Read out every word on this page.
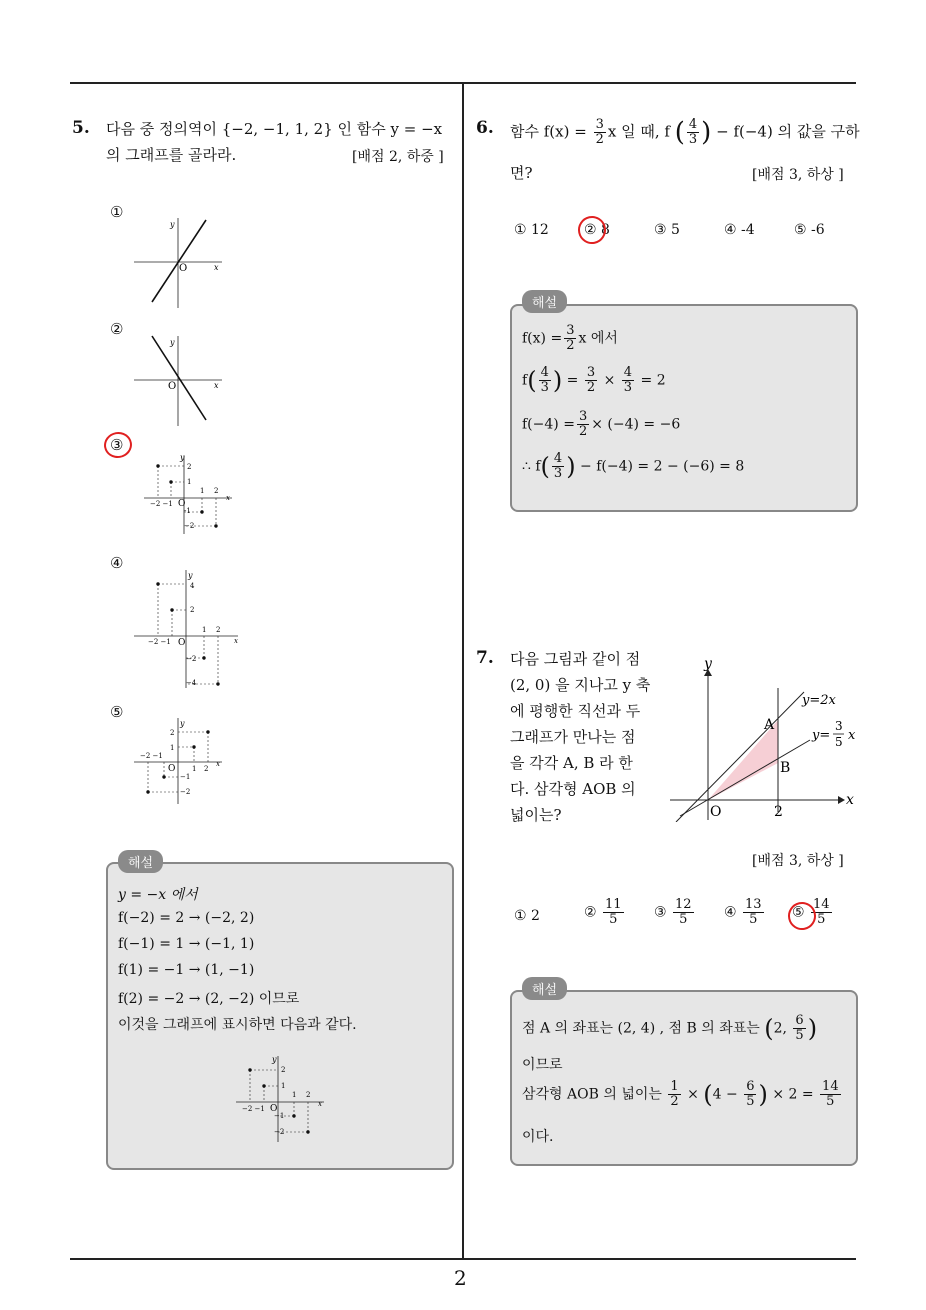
2
5. 다음 중 정의역이 {−2, −1, 1, 2} 인 함수 y = −x
의 그래프를 골라라.	[배점 2, 하중 ]
①
②
③
④
⑤
y
x
O
y
x
O
y
x
O
2
1
-1
−2
−2 −1
1 2
y
x
O
4
2
−2
−4
−2 −1
1 2
y
x
O
2
1
−2 −1
−1
−2
1 2
해설
y = −x 에서
f(−2) = 2 → (−2, 2)
f(−1) = 1 → (−1, 1)
f(1) = −1 → (1, −1)
f(2) = −2 → (2, −2) 이므로
이것을 그래프에 표시하면 다음과 같다.
y
x
O
2
1
−2 −1
1 2
−1
−2
6. 함수 $f(x) = \frac{3}{2}$ x 일 때, f ( $\frac{4}{3}$ ) − f(−4) 의 값을 구하
면?	[배점 3, 하상 ]
① 12	② 8	③ 5	④ -4	⑤ -6
해설
$f(x) = \frac{3}{2}$ x 에서
$f( \frac{4}{3}$ ) = $\frac{3}{2} \times \frac{4}{3} = 2$
$f(-4) = \frac{3}{2} \times (-4) = -6$
∴ $f( \frac{4}{3}$ ) − f(−4) = 2 − (−6) = 8
7. 다음 그림과 같이 점
(2, 0) 을 지나고 y 축
에 평행한 직선과 두
그래프가 만나는 점
을 각각 A, B 라 한
다. 삼각형 AOB 의
넓이는?
y
x
O	2
A
B
y=2x
y=
3
5 x
[배점 3, 하상 ]
① 2	② $\frac{11}{5}$ ③ $\frac{12}{5}$ ④ $\frac{13}{5}$ ⑤ $\frac{14}{5}$
해설
점 A 의 좌표는 (2, 4) , 점 B 의 좌표는 (2, $\frac{6}{5}$ )
이므로
삼각형 AOB 의 넓이는 $\frac{1}{2} \times (4 - \frac{6}{5}$ ) × $2 = \frac{14}{5}$
이다.
